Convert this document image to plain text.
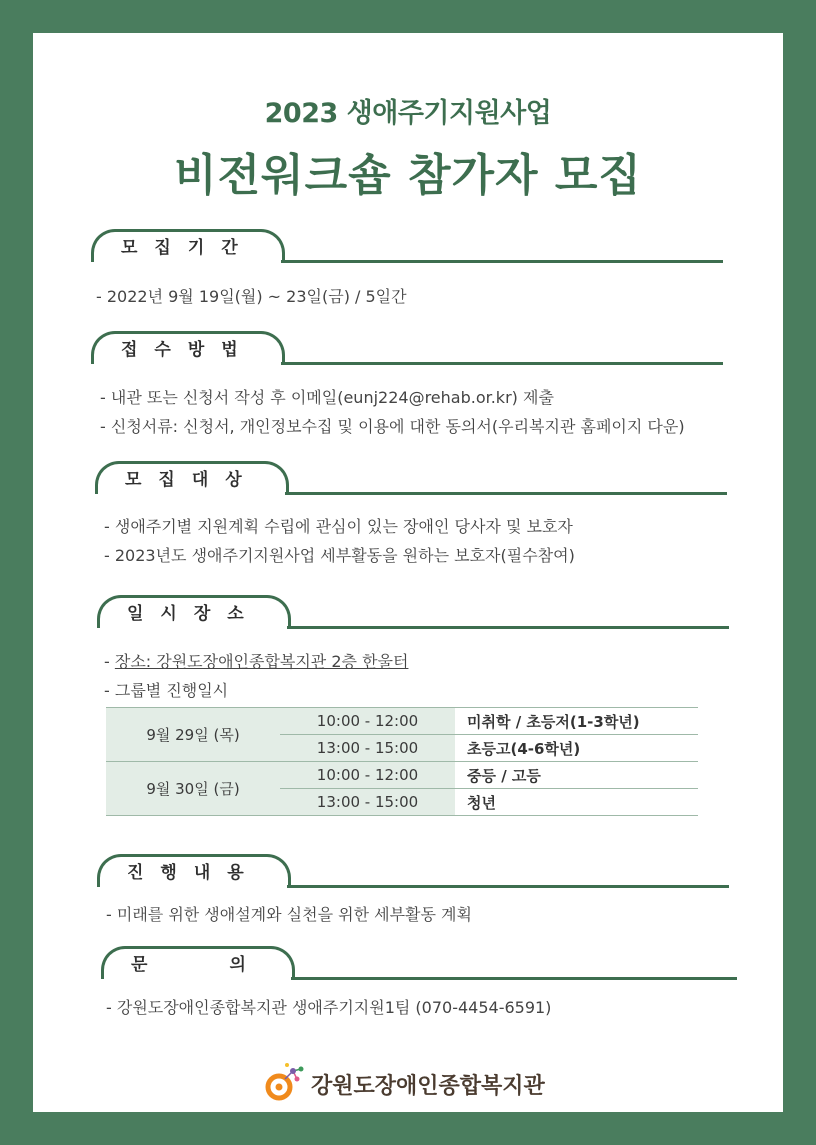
2023 생애주기지원사업
비전워크숍 참가자 모집
모집기간
- 2022년 9월 19일(월) ~ 23일(금) / 5일간
접수방법
- 내관 또는 신청서 작성 후 이메일(eunj224@rehab.or.kr) 제출
- 신청서류: 신청서, 개인정보수집 및 이용에 대한 동의서(우리복지관 홈페이지 다운)
모집대상
- 생애주기별 지원계획 수립에 관심이 있는 장애인 당사자 및 보호자
- 2023년도 생애주기지원사업 세부활동을 원하는 보호자(필수참여)
일시장소
- 장소: 강원도장애인종합복지관 2층 한울터
- 그룹별 진행일시
9월 29일 (목)	10:00 - 12:00	미취학 / 초등저(1-3학년)
	13:00 - 15:00	초등고(4-6학년)
9월 30일 (금)	10:00 - 12:00	중등 / 고등
	13:00 - 15:00	청년
진행내용
- 미래를 위한 생애설계와 실천을 위한 세부활동 계획
문	의
- 강원도장애인종합복지관 생애주기지원1팀 (070-4454-6591)
강원도장애인종합복지관
